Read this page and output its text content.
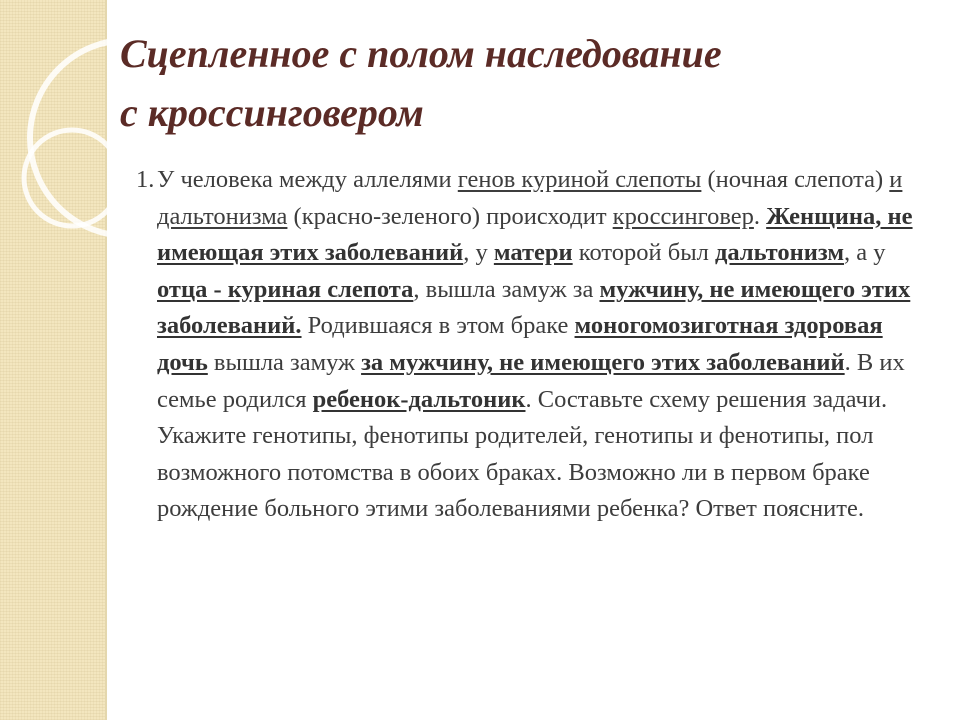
Сцепленное с полом наследование
с кроссинговером

1. У человека между аллелями генов куриной слепоты (ночная слепота) и дальтонизма (красно-зеленого) происходит кроссинговер. Женщина, не имеющая этих заболеваний, у матери которой был дальтонизм, а у отца - куриная слепота, вышла замуж за мужчину, не имеющего этих заболеваний. Родившаяся в этом браке моногомозиготная здоровая дочь вышла замуж за мужчину, не имеющего этих заболеваний. В их семье родился ребенок-дальтоник. Составьте схему решения задачи. Укажите генотипы, фенотипы родителей, генотипы и фенотипы, пол возможного потомства в обоих браках. Возможно ли в первом браке рождение больного этими заболеваниями ребенка? Ответ поясните.
